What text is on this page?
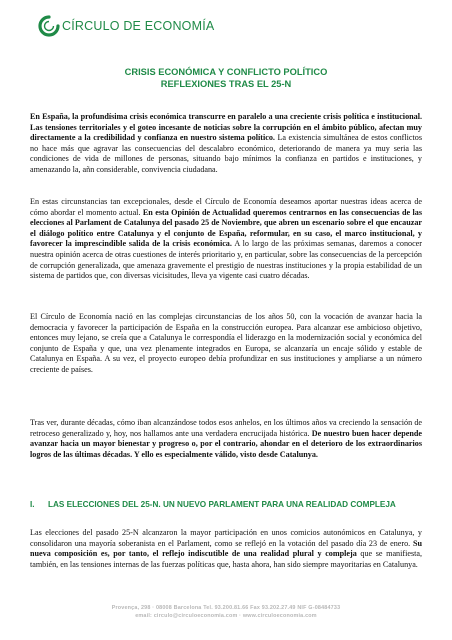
CÍRCULO DE ECONOMÍA
CRISIS ECONÓMICA Y CONFLICTO POLÍTICO
REFLEXIONES TRAS EL 25-N

En España, la profundísima crisis económica transcurre en paralelo a una creciente crisis política e institucional. Las tensiones territoriales y el goteo incesante de noticias sobre la corrupción en el ámbito público, afectan muy directamente a la credibilidad y confianza en nuestro sistema político. La existencia simultánea de estos conflictos no hace más que agravar las consecuencias del descalabro económico, deteriorando de manera ya muy seria las condiciones de vida de millones de personas, situando bajo mínimos la confianza en partidos e instituciones, y amenazando la, añn considerable, convivencia ciudadana.

En estas circunstancias tan excepcionales, desde el Círculo de Economía deseamos aportar nuestras ideas acerca de cómo abordar el momento actual. En esta Opinión de Actualidad queremos centrarnos en las consecuencias de las elecciones al Parlament de Catalunya del pasado 25 de Noviembre, que abren un escenario sobre el que encauzar el diálogo político entre Catalunya y el conjunto de España, reformular, en su caso, el marco institucional, y favorecer la imprescindible salida de la crisis económica. A lo largo de las próximas semanas, daremos a conocer nuestra opinión acerca de otras cuestiones de interés prioritario y, en particular, sobre las consecuencias de la percepción de corrupción generalizada, que amenaza gravemente el prestigio de nuestras instituciones y la propia estabilidad de un sistema de partidos que, con diversas vicisitudes, lleva ya vigente casi cuatro décadas.

El Círculo de Economía nació en las complejas circunstancias de los años 50, con la vocación de avanzar hacia la democracia y favorecer la participación de España en la construcción europea. Para alcanzar ese ambicioso objetivo, entonces muy lejano, se creía que a Catalunya le correspondía el liderazgo en la modernización social y económica del conjunto de España y que, una vez plenamente integrados en Europa, se alcanzaría un encaje sólido y estable de Catalunya en España. A su vez, el proyecto europeo debía profundizar en sus instituciones y ampliarse a un número creciente de países.

Tras ver, durante décadas, cómo iban alcanzándose todos esos anhelos, en los últimos años va creciendo la sensación de retroceso generalizado y, hoy, nos hallamos ante una verdadera encrucijada histórica. De nuestro buen hacer depende avanzar hacia un mayor bienestar y progreso o, por el contrario, ahondar en el deterioro de los extraordinarios logros de las últimas décadas. Y ello es especialmente válido, visto desde Catalunya.

I.	LAS ELECCIONES DEL 25-N. UN NUEVO PARLAMENT PARA UNA REALIDAD COMPLEJA

Las elecciones del pasado 25-N alcanzaron la mayor participación en unos comicios autonómicos en Catalunya, y consolidaron una mayoría soberanista en el Parlament, como se reflejó en la votación del pasado día 23 de enero. Su nueva composición es, por tanto, el reflejo indiscutible de una realidad plural y compleja que se manifiesta, también, en las tensiones internas de las fuerzas políticas que, hasta ahora, han sido siempre mayoritarias en Catalunya.

Provença, 298 · 08008 Barcelona Tel. 93.200.81.66 Fax 93.202.27.49 NIF G-08484733
email: circulo@circuloeconomia.com · www.circuloeconomia.com
